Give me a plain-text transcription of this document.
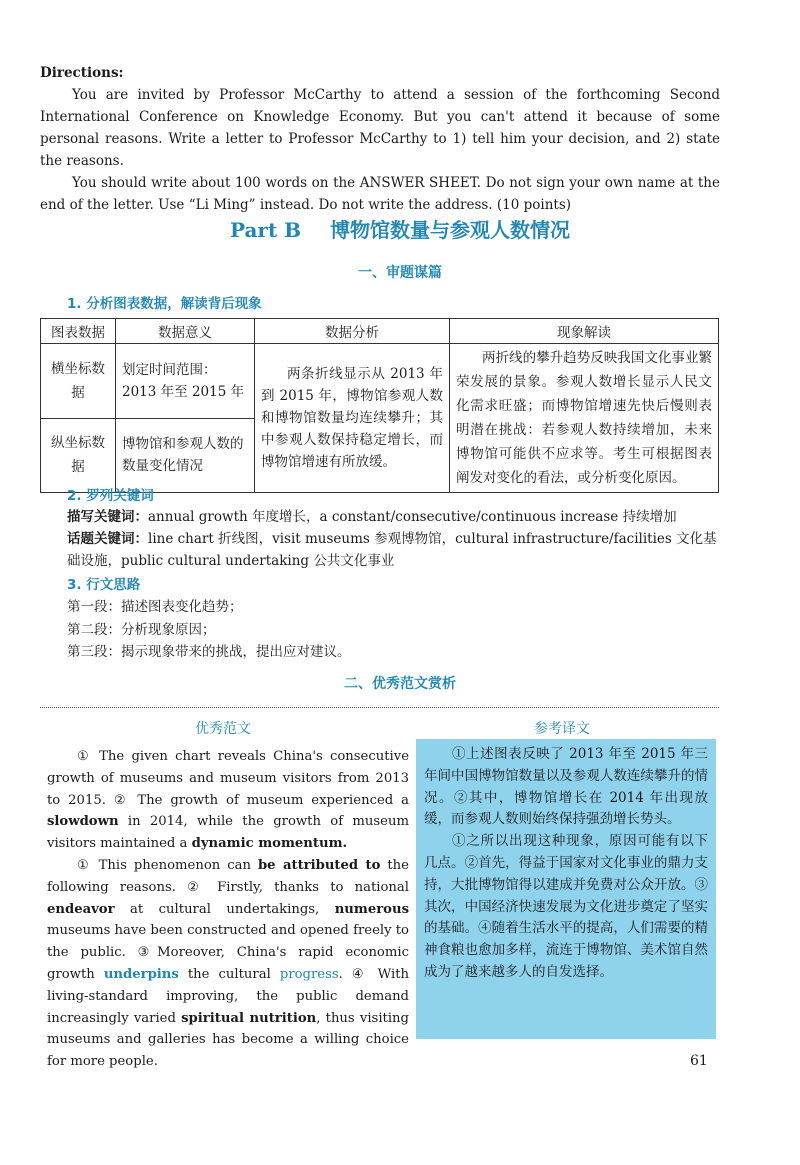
Directions:

You are invited by Professor McCarthy to attend a session of the forthcoming Second International Conference on Knowledge Economy. But you can't attend it because of some personal reasons. Write a letter to Professor McCarthy to 1) tell him your decision, and 2) state the reasons.

You should write about 100 words on the ANSWER SHEET. Do not sign your own name at the end of the letter. Use “Li Ming” instead. Do not write the address. (10 points)

Part B 博物馆数量与参观人数情况
一、审题谋篇
1. 分析图表数据，解读背后现象
图表数据	数据意义	数据分析	现象解读
横坐标数据	划定时间范围：2013 年至 2015 年	两条折线显示从 2013 年到 2015 年，博物馆参观人数和博物馆数量均连续攀升；其中参观人数保持稳定增长，而博物馆增速有所放缓。	两折线的攀升趋势反映我国文化事业繁荣发展的景象。参观人数增长显示人民文化需求旺盛；而博物馆增速先快后慢则表明潜在挑战：若参观人数持续增加，未来博物馆可能供不应求等。考生可根据图表阐发对变化的看法，或分析变化原因。
纵坐标数据	博物馆和参观人数的数量变化情况		
2. 罗列关键词
描写关键词：annual growth 年度增长，a constant/consecutive/continuous increase 持续增加
话题关键词：line chart 折线图，visit museums 参观博物馆，cultural infrastructure/facilities 文化基础设施，public cultural undertaking 公共文化事业
3. 行文思路
第一段：描述图表变化趋势；
第二段：分析现象原因；
第三段：揭示现象带来的挑战，提出应对建议。
二、优秀范文赏析
优秀范文	参考译文

① The given chart reveals China's consecutive growth of museums and museum visitors from 2013 to 2015. ② The growth of museum experienced a slowdown in 2014, while the growth of museum visitors maintained a dynamic momentum.

① This phenomenon can be attributed to the following reasons. ② Firstly, thanks to national endeavor at cultural undertakings, numerous museums have been constructed and opened freely to the public. ③Moreover, China's rapid economic growth underpins the cultural progress. ④ With living-standard improving, the public demand increasingly varied spiritual nutrition, thus visiting museums and galleries has become a willing choice for more people.

①上述图表反映了 2013 年至 2015 年三年间中国博物馆数量以及参观人数连续攀升的情况。②其中，博物馆增长在 2014 年出现放缓，而参观人数则始终保持强劲增长势头。

①之所以出现这种现象，原因可能有以下几点。②首先，得益于国家对文化事业的鼎力支持，大批博物馆得以建成并免费对公众开放。③其次，中国经济快速发展为文化进步奠定了坚实的基础。④随着生活水平的提高，人们需要的精神食粮也愈加多样，流连于博物馆、美术馆自然成为了越来越多人的自发选择。

61
